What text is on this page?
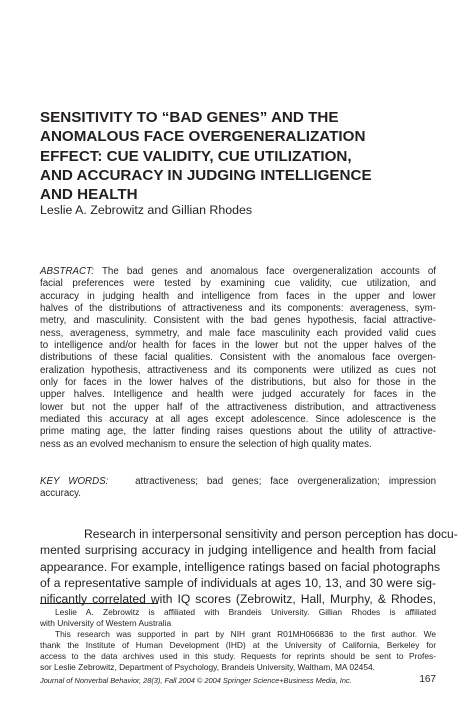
SENSITIVITY TO “BAD GENES” AND THE
ANOMALOUS FACE OVERGENERALIZATION
EFFECT: CUE VALIDITY, CUE UTILIZATION,
AND ACCURACY IN JUDGING INTELLIGENCE
AND HEALTH
Leslie A. Zebrowitz and Gillian Rhodes
ABSTRACT: The bad genes and anomalous face overgeneralization accounts of
facial preferences were tested by examining cue validity, cue utilization, and
accuracy in judging health and intelligence from faces in the upper and lower
halves of the distributions of attractiveness and its components: averageness, sym-
metry, and masculinity. Consistent with the bad genes hypothesis, facial attractive-
ness, averageness, symmetry, and male face masculinity each provided valid cues
to intelligence and/or health for faces in the lower but not the upper halves of the
distributions of these facial qualities. Consistent with the anomalous face overgen-
eralization hypothesis, attractiveness and its components were utilized as cues not
only for faces in the lower halves of the distributions, but also for those in the
upper halves. Intelligence and health were judged accurately for faces in the
lower but not the upper half of the attractiveness distribution, and attractiveness
mediated this accuracy at all ages except adolescence. Since adolescence is the
prime mating age, the latter finding raises questions about the utility of attractive-
ness as an evolved mechanism to ensure the selection of high quality mates.
KEY WORDS:	attractiveness; bad genes; face overgeneralization; impression
accuracy.
Research in interpersonal sensitivity and person perception has docu-
mented surprising accuracy in judging intelligence and health from facial
appearance. For example, intelligence ratings based on facial photographs
of a representative sample of individuals at ages 10, 13, and 30 were sig-
nificantly correlated with IQ scores (Zebrowitz, Hall, Murphy, & Rhodes,
Leslie A. Zebrowitz is affiliated with Brandeis University. Gillian Rhodes is affiliated
with University of Western Australia
This research was supported in part by NIH grant R01MH066836 to the first author. We
thank the Institute of Human Development (IHD) at the University of California, Berkeley for
access to the data archives used in this study. Requests for reprints should be sent to Profes-
sor Leslie Zebrowitz, Department of Psychology, Brandeis University, Waltham, MA 02454.
Journal of Nonverbal Behavior, 28(3), Fall 2004 © 2004 Springer Science+Business Media, Inc.	167
